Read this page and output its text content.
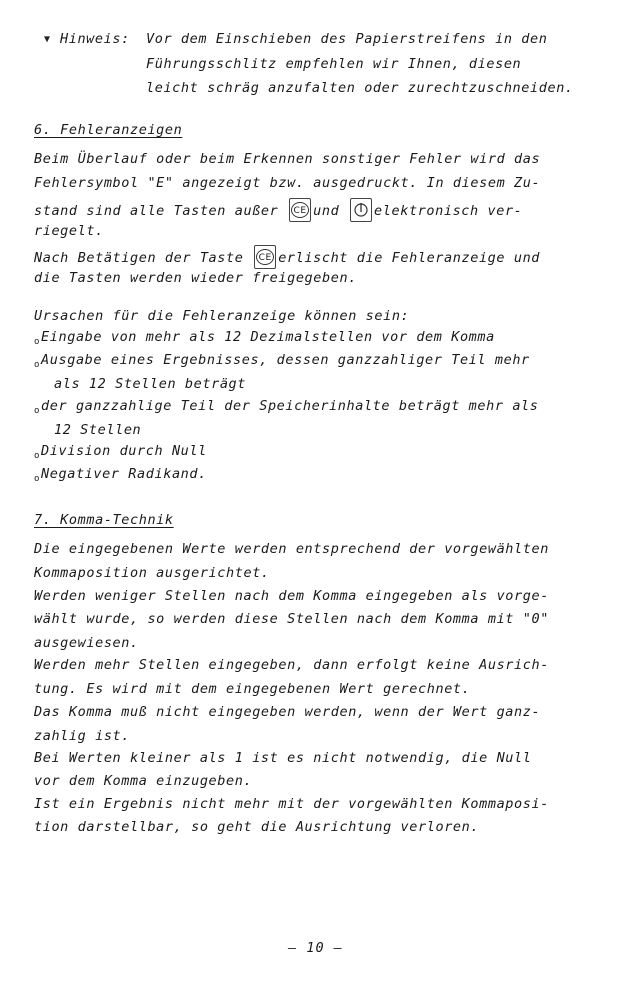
▼ Hinweis: Vor dem Einschieben des Papierstreifens in den
Führungsschlitz empfehlen wir Ihnen, diesen
leicht schräg anzufalten oder zurechtzuschneiden.
6. Fehleranzeigen
Beim Überlauf oder beim Erkennen sonstiger Fehler wird das
Fehlersymbol "E" angezeigt bzw. ausgedruckt. In diesem Zu-
stand sind alle Tasten außer CE und	elektronisch ver-
riegelt.
Nach Betätigen der Taste CE erlischt die Fehleranzeige und
die Tasten werden wieder freigegeben.
Ursachen für die Fehleranzeige können sein:
$_o$Eingabe von mehr als 12 Dezimalstellen vor dem Komma
$_o$Ausgabe eines Ergebnisses, dessen ganzzahliger Teil mehr
als 12 Stellen beträgt
$_o$der ganzzahlige Teil der Speicherinhalte beträgt mehr als
12 Stellen
$_o$Division durch Null
$_o$Negativer Radikand.
7. Komma-Technik
Die eingegebenen Werte werden entsprechend der vorgewählten
Kommaposition ausgerichtet.
Werden weniger Stellen nach dem Komma eingegeben als vorge-
wählt wurde, so werden diese Stellen nach dem Komma mit "0"
ausgewiesen.
Werden mehr Stellen eingegeben, dann erfolgt keine Ausrich-
tung. Es wird mit dem eingegebenen Wert gerechnet.
Das Komma muß nicht eingegeben werden, wenn der Wert ganz-
zahlig ist.
Bei Werten kleiner als 1 ist es nicht notwendig, die Null
vor dem Komma einzugeben.
Ist ein Ergebnis nicht mehr mit der vorgewählten Kommaposi-
tion darstellbar, so geht die Ausrichtung verloren.
– 10 –
